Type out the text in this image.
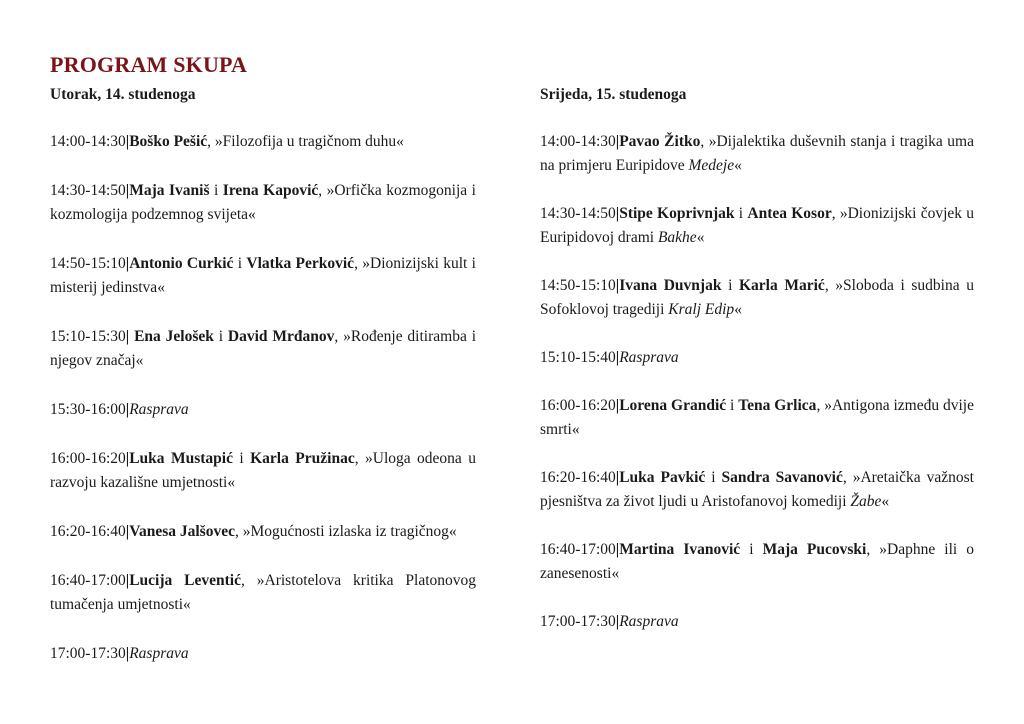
PROGRAM SKUPA

Utorak, 14. studenoga

14:00-14:30|Boško Pešić, »Filozofija u tragičnom duhu«

14:30-14:50|Maja Ivaniš i Irena Kapović, »Orfička kozmogonija i kozmologija podzemnog svijeta«

14:50-15:10|Antonio Curkić i Vlatka Perković, »Dionizijski kult i misterij jedinstva«

15:10-15:30| Ena Jelošek i David Mrđanov, »Rođenje ditiramba i njegov značaj«

15:30-16:00|Rasprava

16:00-16:20|Luka Mustapić i Karla Pružinac, »Uloga odeona u razvoju kazališne umjetnosti«

16:20-16:40|Vanesa Jalšovec, »Mogućnosti izlaska iz tragičnog«

16:40-17:00|Lucija Leventić, »Aristotelova kritika Platonovog tumačenja umjetnosti«

17:00-17:30|Rasprava

Srijeda, 15. studenoga

14:00-14:30|Pavao Žitko, »Dijalektika duševnih stanja i tragika uma na primjeru Euripidove Medeje«

14:30-14:50|Stipe Koprivnjak i Antea Kosor, »Dionizijski čovjek u Euripidovoj drami Bakhe«

14:50-15:10|Ivana Duvnjak i Karla Marić, »Sloboda i sudbina u Sofoklovoj tragediji Kralj Edip«

15:10-15:40|Rasprava

16:00-16:20|Lorena Grandić i Tena Grlica, »Antigona između dvije smrti«

16:20-16:40|Luka Pavkić i Sandra Savanović, »Aretaička važnost pjesništva za život ljudi u Aristofanovoj komediji Žabe«

16:40-17:00|Martina Ivanović i Maja Pucovski, »Daphne ili o zanesenosti«

17:00-17:30|Rasprava
